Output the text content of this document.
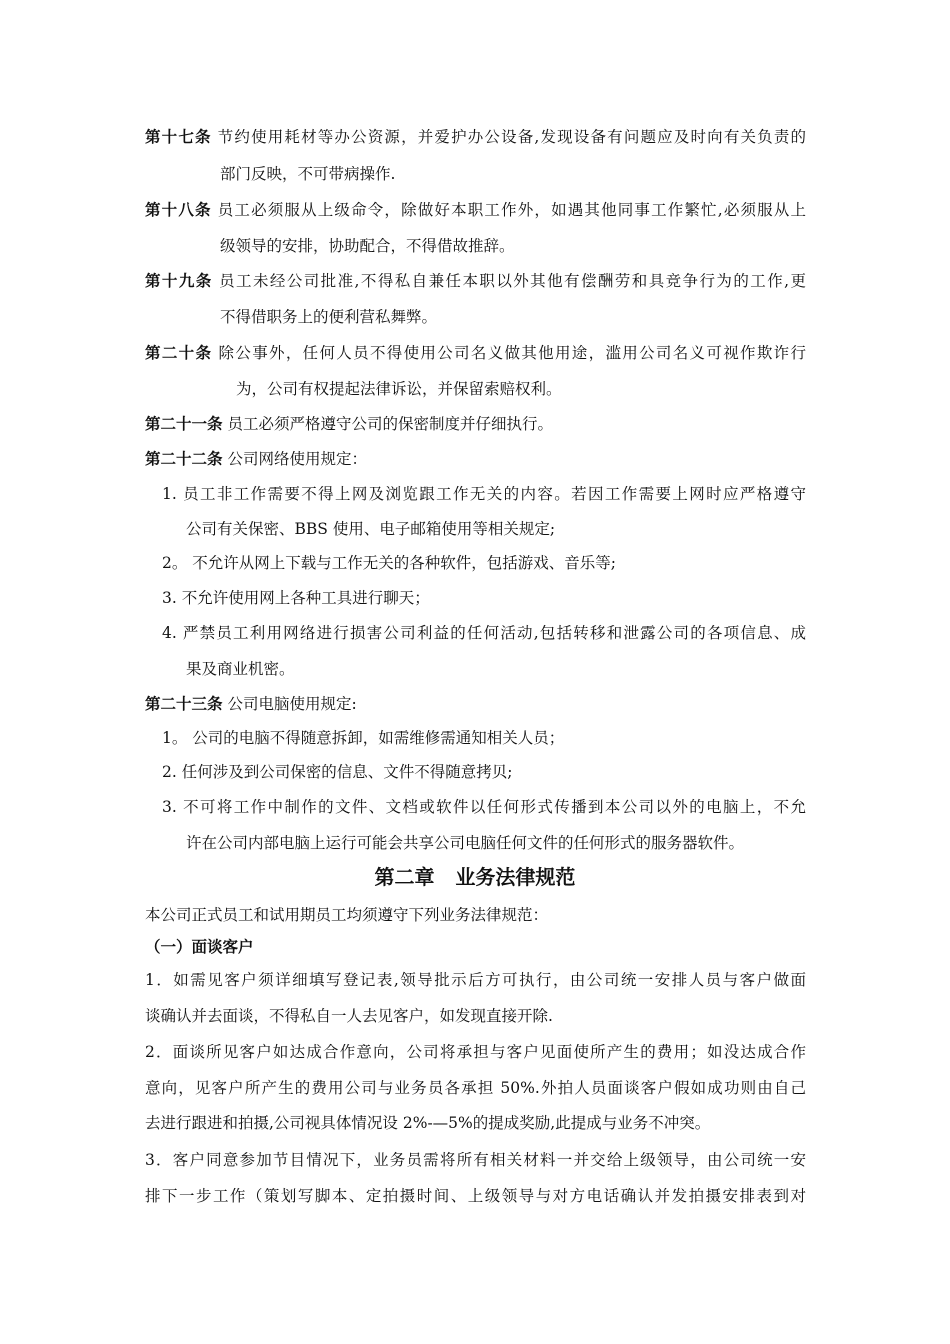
第十七条 节约使用耗材等办公资源，并爱护办公设备,发现设备有问题应及时向有关负责的
部门反映，不可带病操作.
第十八条 员工必须服从上级命令，除做好本职工作外，如遇其他同事工作繁忙,必须服从上
级领导的安排，协助配合，不得借故推辞。
第十九条 员工未经公司批准,不得私自兼任本职以外其他有偿酬劳和具竞争行为的工作,更
不得借职务上的便利营私舞弊。
第二十条 除公事外，任何人员不得使用公司名义做其他用途，滥用公司名义可视作欺诈行
为，公司有权提起法律诉讼，并保留索赔权利。
第二十一条 员工必须严格遵守公司的保密制度并仔细执行。
第二十二条 公司网络使用规定：
1. 员工非工作需要不得上网及浏览跟工作无关的内容。若因工作需要上网时应严格遵守
公司有关保密、BBS 使用、电子邮箱使用等相关规定;
2。 不允许从网上下载与工作无关的各种软件，包括游戏、音乐等;
3. 不允许使用网上各种工具进行聊天；
4. 严禁员工利用网络进行损害公司利益的任何活动,包括转移和泄露公司的各项信息、成
果及商业机密。
第二十三条 公司电脑使用规定:
1。 公司的电脑不得随意拆卸，如需维修需通知相关人员；
2. 任何涉及到公司保密的信息、文件不得随意拷贝;
3. 不可将工作中制作的文件、文档或软件以任何形式传播到本公司以外的电脑上，不允
许在公司内部电脑上运行可能会共享公司电脑任何文件的任何形式的服务器软件。
第二章   业务法律规范
本公司正式员工和试用期员工均须遵守下列业务法律规范：
（一）面谈客户
1．如需见客户须详细填写登记表,领导批示后方可执行，由公司统一安排人员与客户做面
谈确认并去面谈，不得私自一人去见客户，如发现直接开除.
2．面谈所见客户如达成合作意向，公司将承担与客户见面使所产生的费用；如没达成合作
意向，见客户所产生的费用公司与业务员各承担 50%.外拍人员面谈客户假如成功则由自己
去进行跟进和拍摄,公司视具体情况设 2%-—5%的提成奖励,此提成与业务不冲突。
3．客户同意参加节目情况下，业务员需将所有相关材料一并交给上级领导，由公司统一安
排下一步工作（策划写脚本、定拍摄时间、上级领导与对方电话确认并发拍摄安排表到对
